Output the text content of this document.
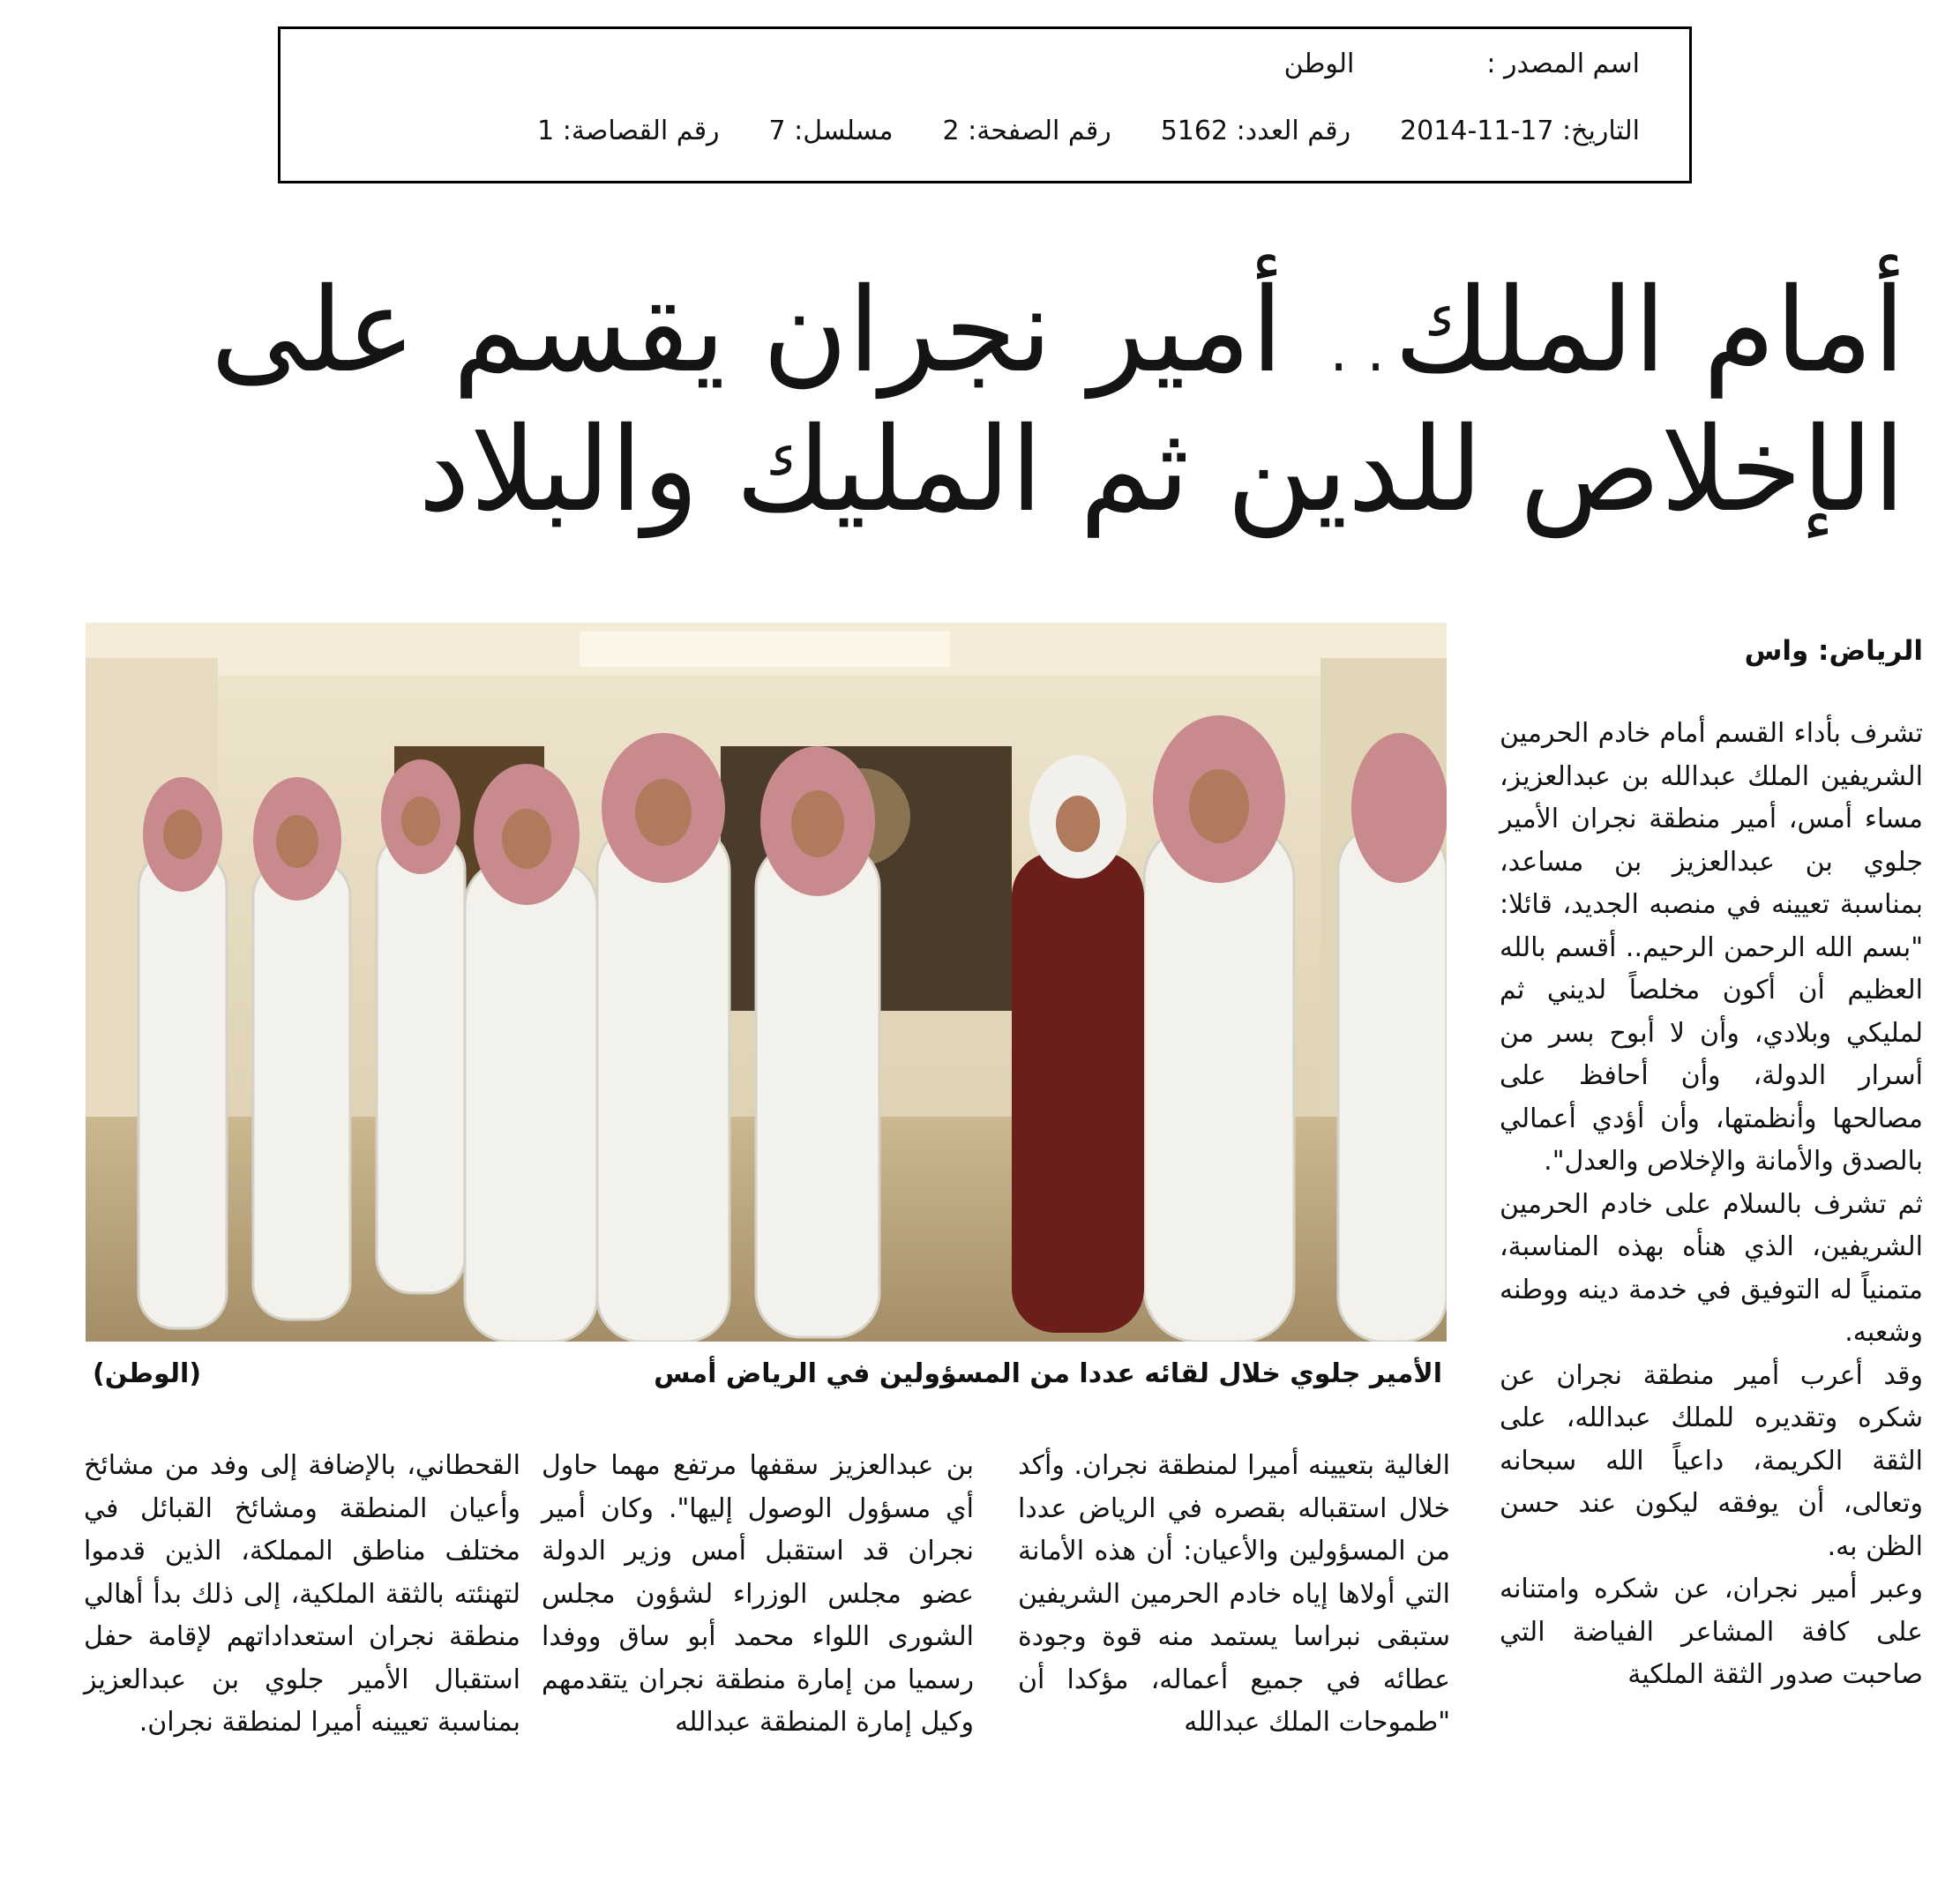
اسم المصدر :
الوطن
التاريخ: 17-11-2014
رقم العدد: 5162
رقم الصفحة: 2
مسلسل: 7
رقم القصاصة: 1
أمام الملك.. أمير نجران يقسم على
الإخلاص للدين ثم المليك والبلاد
الأمير جلوي خلال لقائه عددا من المسؤولين في الرياض أمس
(الوطن)
الرياض: واس

تشرف بأداء القسم أمام خادم الحرمين الشريفين الملك عبدالله بن عبدالعزيز، مساء أمس، أمير منطقة نجران الأمير جلوي بن عبدالعزيز بن مساعد، بمناسبة تعيينه في منصبه الجديد، قائلا: "بسم الله الرحمن الرحيم.. أقسم بالله العظيم أن أكون مخلصاً لديني ثم لمليكي وبلادي، وأن لا أبوح بسر من أسرار الدولة، وأن أحافظ على مصالحها وأنظمتها، وأن أؤدي أعمالي بالصدق والأمانة والإخلاص والعدل".

ثم تشرف بالسلام على خادم الحرمين الشريفين، الذي هنأه بهذه المناسبة، متمنياً له التوفيق في خدمة دينه ووطنه وشعبه.

وقد أعرب أمير منطقة نجران عن شكره وتقديره للملك عبدالله، على الثقة الكريمة، داعياً الله سبحانه وتعالى، أن يوفقه ليكون عند حسن الظن به.

وعبر أمير نجران، عن شكره وامتنانه على كافة المشاعر الفياضة التي صاحبت صدور الثقة الملكية

الغالية بتعيينه أميرا لمنطقة نجران. وأكد خلال استقباله بقصره في الرياض عددا من المسؤولين والأعيان: أن هذه الأمانة التي أولاها إياه خادم الحرمين الشريفين ستبقى نبراسا يستمد منه قوة وجودة عطائه في جميع أعماله، مؤكدا أن "طموحات الملك عبدالله

بن عبدالعزيز سقفها مرتفع مهما حاول أي مسؤول الوصول إليها". وكان أمير نجران قد استقبل أمس وزير الدولة عضو مجلس الوزراء لشؤون مجلس الشورى اللواء محمد أبو ساق ووفدا رسميا من إمارة منطقة نجران يتقدمهم وكيل إمارة المنطقة عبدالله

القحطاني، بالإضافة إلى وفد من مشائخ وأعيان المنطقة ومشائخ القبائل في مختلف مناطق المملكة، الذين قدموا لتهنئته بالثقة الملكية، إلى ذلك بدأ أهالي منطقة نجران استعداداتهم لإقامة حفل استقبال الأمير جلوي بن عبدالعزيز بمناسبة تعيينه أميرا لمنطقة نجران.
